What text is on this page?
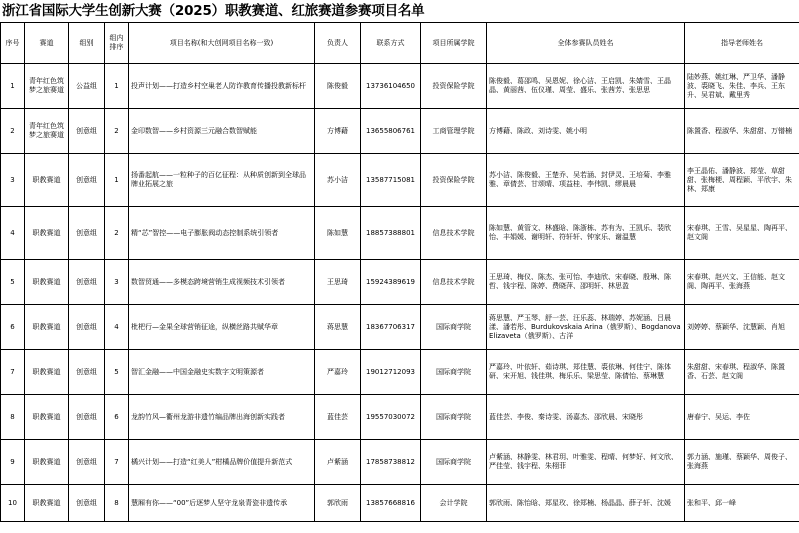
浙江省国际大学生创新大赛（2025）职教赛道、红旅赛道参赛项目名单
序号	赛道	组别	组内排序	项目名称(和大创网项目名称一致)	负责人	联系方式	项目所属学院	全体参赛队员姓名	指导老师姓名
1	青年红色筑梦之旅赛道	公益组	1	投声计划——打造乡村空巢老人防诈教育传播投教新标杆	陈俊毅	13736104650	投资保险学院	陈俊毅、葛邵鸣、吴恩妮、徐心洁、王启凯、朱婧雪、王晶晶、黄丽茜、伍仪瑾、周莹、盛乐、张茜芳、张思思	陆妙燕、姚红琳、严卫华、潘静波、裘晓飞、朱佳、李兵、王东升、吴君斌、戴里秀
2	青年红色筑梦之旅赛道	创意组	2	金印数智——乡村资源三元融合数智赋能	方博藉	13655806761	工商管理学院	方博藉、陈政、刘诗雯、姚小明	陈置香、程淑华、朱甜甜、万镨楠
3	职教赛道	创意组	1	扬番起航——一粒种子的百亿征程：从种质创新到全球品牌业拓展之旅	苏小洁	13587715081	投资保险学院	苏小洁、陈俊毅、王楚乔、吴若涵、封伊灵、王培菊、李雅雅、章倩芸、甘颂晴、项益桂、李伟凯、缪晨晨	李王晶佑、潘静波、郑莹、草甜甜、张梅梗、周程颖、平欣宇、朱林、郑康
4	职教赛道	创意组	2	精“芯”智控——电子膨胀阀动态控制系统引领者	陈如慧	18857388801	信息技术学院	陈如慧、黄管文、林盛晗、陈浙栋、苏有为、王凯乐、裴欣怡、丰娟媛、谢明轩、符轩轩、钟家乐、谢温慧	宋春琪、王雪、吴星星、陶再平、赵文阁
5	职教赛道	创意组	3	数智贸通——多模态跨境营销生成视频技术引领者	王思琦	15924389619	信息技术学院	王思琦、梅仪、陈杰、张可怡、李迪欣、宋春晓、殷琳、陈哲、钱宇程、陈婷、费晓萍、邵明轩、林思盈	宋春琪、赵兴文、王信能、赵文阁、陶再平、张海燕
6	职教赛道	创意组	4	枇杷行—金果全球营销征途，纵横丝路共赋华章	蒋思慧	18367706317	国际商学院	蒋思慧、严玉琴、舒一芸、汪乐蕊、林瑞婷、苏妮涵、吕晨漾、潘若彤、Burdukovskaia Arina（俄罗斯）、Bogdanova Elizaveta（俄罗斯）、古洋	刘婷婷、蔡颖华、沈慧颖、肖旭
7	职教赛道	创意组	5	智汇金融——中国金融史实数字文明策源者	严嘉玲	19012712093	国际商学院	严嘉玲、叶依轩、茹诗琪、郑佳慧、裘依琳、何佳宁、陈体研、宋开旭、钱佳琪、梅乐乐、梁思莹、陈倩怡、蔡琳慧	朱甜甜、宋春琪、程淑华、陈置香、石芸、赵文阁
8	职教赛道	创意组	6	龙韵竹风—衢州龙游非遗竹编品牌出海创新实践者	蓝佳芸	19557030072	国际商学院	蓝佳芸、李俊、秦诗雯、汤嘉杰、邵欣晨、宋晓彤	唐春宁、吴运、李佐
9	职教赛道	创意组	7	橘兴计划——打造“红美人”柑橘品牌价值提升新范式	卢紫涵	17858738812	国际商学院	卢紫涵、林静雯、林君玥、叶雅雯、程晴、何梦好、何文欣、严佳莹、钱宇程、朱栩菲	郭力涵、施瑾、蔡颖华、周俊子、张海燕
10	职教赛道	创意组	8	慧厢有你——“00”后逐梦人坚守龙泉青瓷非遗传承	郭欣雨	13857668816	会计学院	郭欣雨、陈怡晗、郑星玫、徐郑楠、杨晶晶、薛子轩、沈媛	张和平、邱一峰
